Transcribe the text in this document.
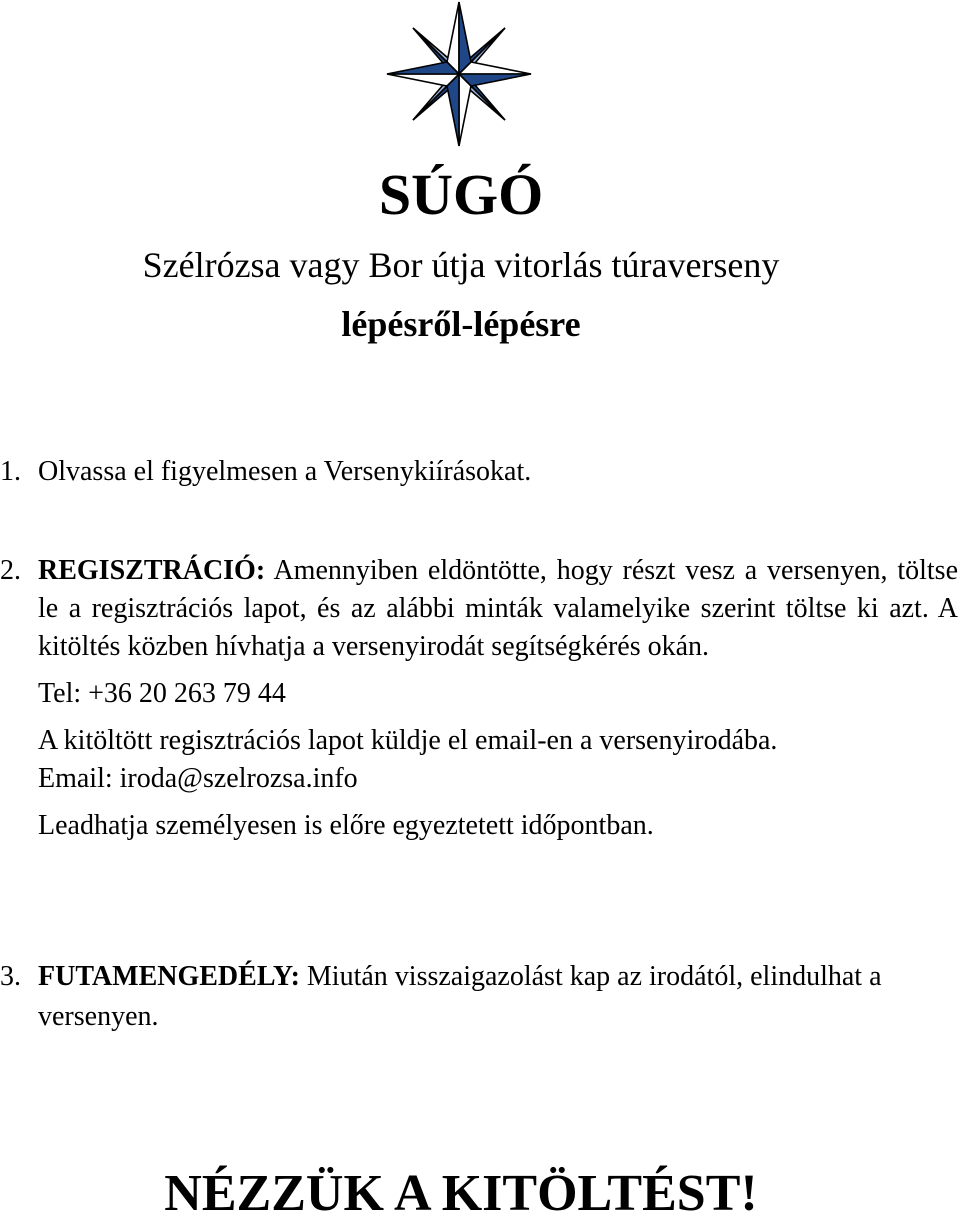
SÚGÓ

Szélrózsa vagy Bor útja vitorlás túraverseny

lépésről-lépésre

1. Olvassa el figyelmesen a Versenykiírásokat.

2. REGISZTRÁCIÓ: Amennyiben eldöntötte, hogy részt vesz a versenyen, töltse le a regisztrációs lapot, és az alábbi minták valamelyike szerint töltse ki azt. A kitöltés közben hívhatja a versenyirodát segítségkérés okán.

Tel: +36 20 263 79 44

A kitöltött regisztrációs lapot küldje el email-en a versenyirodába.

Email: iroda@szelrozsa.info

Leadhatja személyesen is előre egyeztetett időpontban.

3. FUTAMENGEDÉLY: Miután visszaigazolást kap az irodától, elindulhat a versenyen.

NÉZZÜK A KITÖLTÉST!
